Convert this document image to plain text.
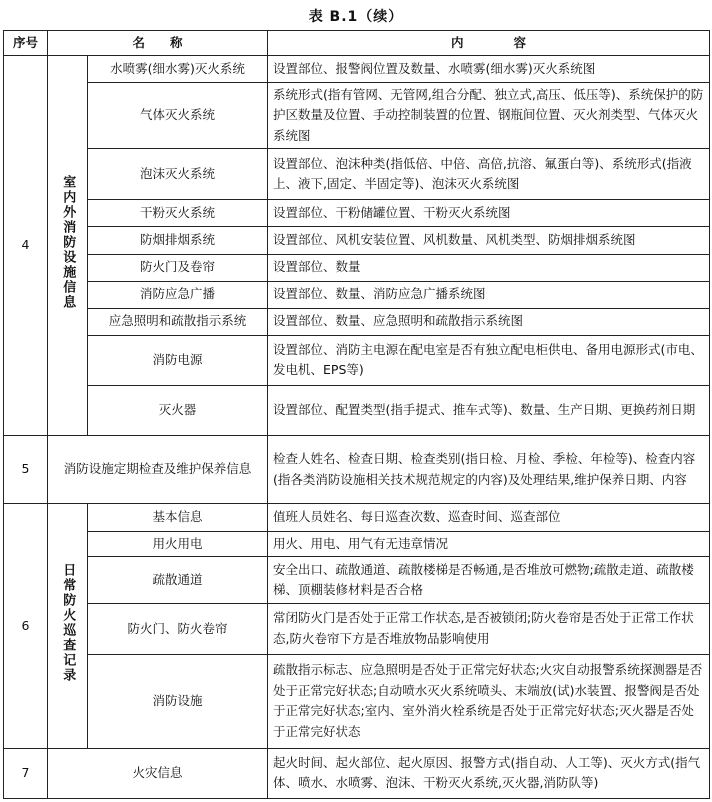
表 B.1（续）
序号	名　　称		内　　　　容
4	室内外消防设施信息	水喷雾(细水雾)灭火系统	设置部位、报警阀位置及数量、水喷雾(细水雾)灭火系统图
		气体灭火系统	系统形式(指有管网、无管网,组合分配、独立式,高压、低压等)、系统保护的防护区数量及位置、手动控制装置的位置、钢瓶间位置、灭火剂类型、气体灭火系统图
		泡沫灭火系统	设置部位、泡沫种类(指低倍、中倍、高倍,抗溶、氟蛋白等)、系统形式(指液上、液下,固定、半固定等)、泡沫灭火系统图
		干粉灭火系统	设置部位、干粉储罐位置、干粉灭火系统图
		防烟排烟系统	设置部位、风机安装位置、风机数量、风机类型、防烟排烟系统图
		防火门及卷帘	设置部位、数量
		消防应急广播	设置部位、数量、消防应急广播系统图
		应急照明和疏散指示系统	设置部位、数量、应急照明和疏散指示系统图
		消防电源	设置部位、消防主电源在配电室是否有独立配电柜供电、备用电源形式(市电、发电机、EPS等)
		灭火器	设置部位、配置类型(指手提式、推车式等)、数量、生产日期、更换药剂日期
5	消防设施定期检查及维护保养信息		检查人姓名、检查日期、检查类别(指日检、月检、季检、年检等)、检查内容(指各类消防设施相关技术规范规定的内容)及处理结果,维护保养日期、内容
6	日常防火巡查记录	基本信息	值班人员姓名、每日巡查次数、巡查时间、巡查部位
		用火用电	用火、用电、用气有无违章情况
		疏散通道	安全出口、疏散通道、疏散楼梯是否畅通,是否堆放可燃物;疏散走道、疏散楼梯、顶棚装修材料是否合格
		防火门、防火卷帘	常闭防火门是否处于正常工作状态,是否被锁闭;防火卷帘是否处于正常工作状态,防火卷帘下方是否堆放物品影响使用
		消防设施	疏散指示标志、应急照明是否处于正常完好状态;火灾自动报警系统探测器是否处于正常完好状态;自动喷水灭火系统喷头、末端放(试)水装置、报警阀是否处于正常完好状态;室内、室外消火栓系统是否处于正常完好状态;灭火器是否处于正常完好状态
7	火灾信息		起火时间、起火部位、起火原因、报警方式(指自动、人工等)、灭火方式(指气体、喷水、水喷雾、泡沫、干粉灭火系统,灭火器,消防队等)
